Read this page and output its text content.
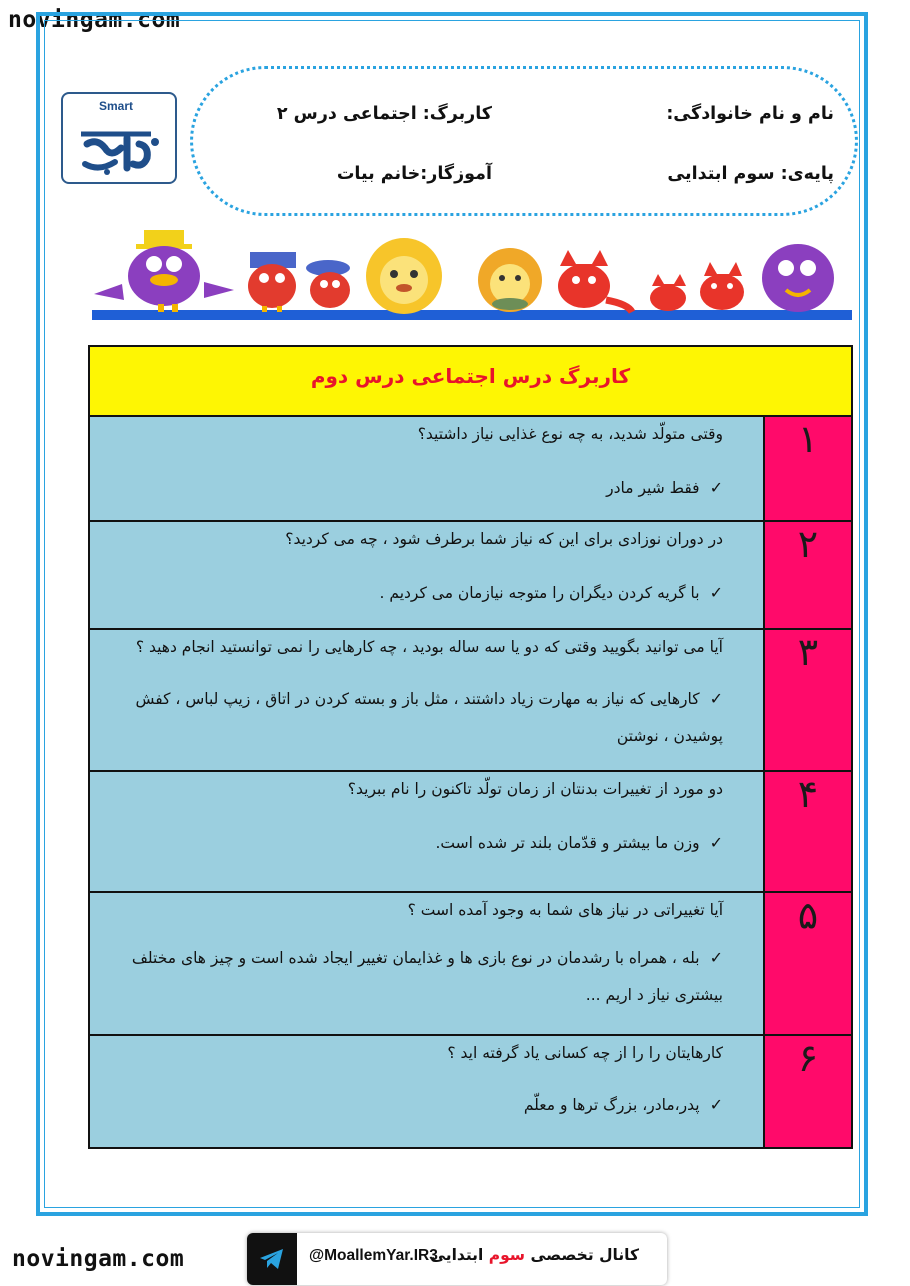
novingam.com
Smart	نام و نام خانوادگی:
کاربرگ: اجتماعی درس ۲
پایه‌ی: سوم ابتدایی
آموزگار:خانم بیات
کاربرگ درس اجتماعی درس دوم
وقتی متولّد شدید، به چه نوع غذایی نیاز داشتید؟
✓فقط شیر مادر
۱
در دوران نوزادی برای این که نیاز شما برطرف شود ، چه می کردید؟
✓با گریه کردن دیگران را متوجه نیازمان می کردیم .
۲
آیا می توانید بگویید وقتی که دو یا سه ساله بودید ، چه کارهایی را نمی توانستید انجام دهید ؟
✓کارهایی که نیاز به مهارت زیاد داشتند ، مثل باز و بسته کردن در اتاق ، زیپ لباس ، کفش
پوشیدن ، نوشتن
۳
دو مورد از تغییرات بدنتان از زمان تولّد تاکنون را نام ببرید؟
✓وزن ما بیشتر و قدّمان بلند تر شده است.
۴
آیا تغییراتی در نیاز های شما به وجود آمده است ؟
✓بله ، همراه با رشدمان در نوع بازی ها و غذایمان تغییر ایجاد شده است و چیز های مختلف
بیشتری نیاز د اریم ...
۵
کارهایتان را را از چه کسانی یاد گرفته اید ؟
✓پدر،مادر، بزرگ ترها و معلّم
۶
novingam.com	@MoallemYar.IR3	کانال تخصصی سوم ابتدایی
